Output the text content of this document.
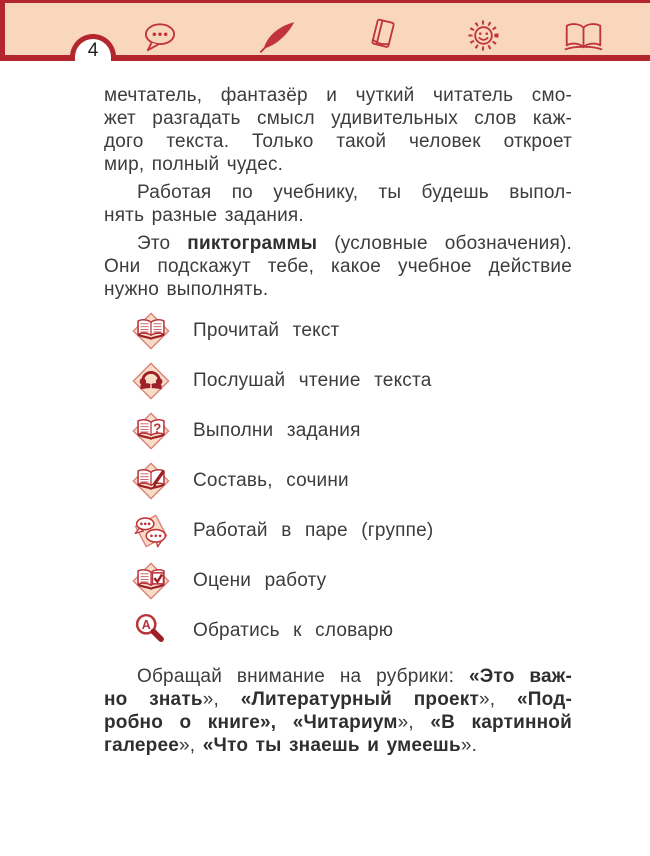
4
мечтатель, фантазёр и чуткий читатель смо-
жет разгадать смысл удивительных слов каж-
дого текста. Только такой человек откроет
мир, полный чудес.
Работая по учебнику, ты будешь выпол-
нять разные задания.
Это пиктограммы (условные обозначения).
Они подскажут тебе, какое учебное действие
нужно выполнять.
Прочитай текст
Послушай чтение текста
? Выполни задания
Составь, сочини
Работай в паре (группе)
Оцени работу
A Обратись к словарю
Обращай внимание на рубрики: «Это важ-
но знать», «Литературный проект», «Под-
робно о книге», «Читариум», «В картинной
галерее», «Что ты знаешь и умеешь».
